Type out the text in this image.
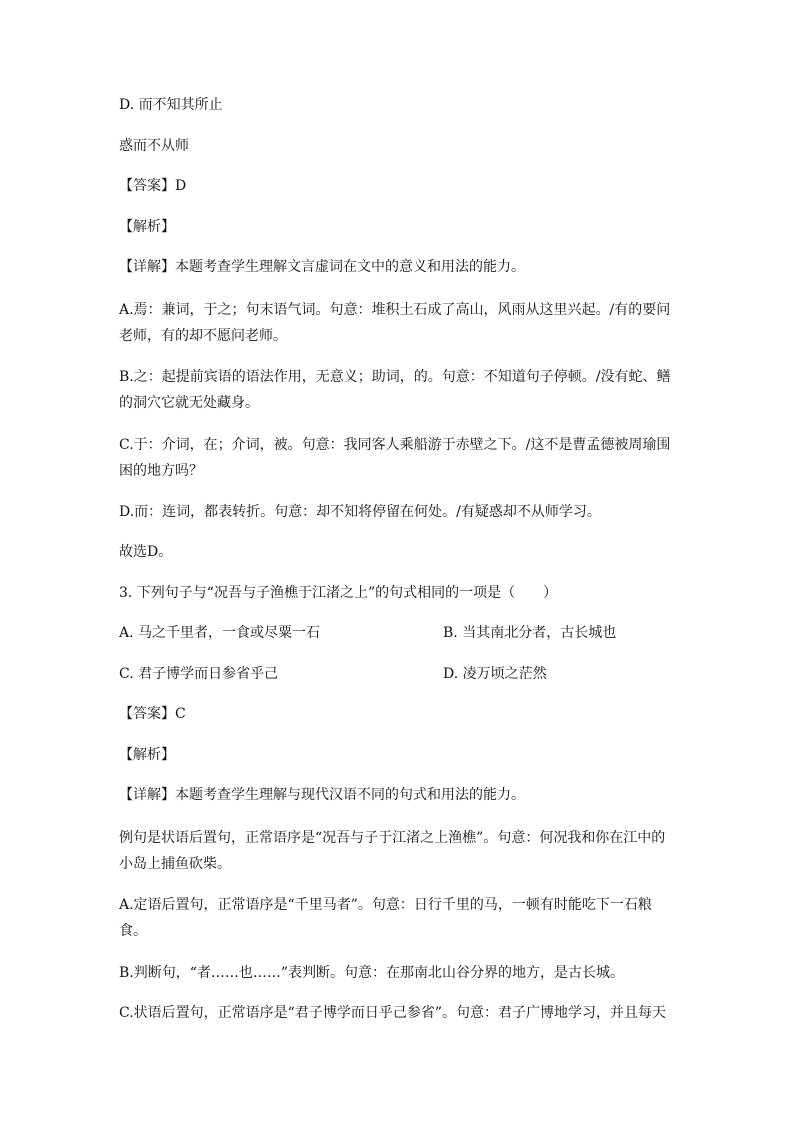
D. 而不知其所止
惑而不从师
【答案】D
【解析】
【详解】本题考查学生理解文言虚词在文中的意义和用法的能力。
A.焉：兼词，于之；句末语气词。句意：堆积土石成了高山，风雨从这里兴起。/有的要问老师，有的却不愿问老师。
B.之：起提前宾语的语法作用，无意义；助词，的。句意：不知道句子停顿。/没有蛇、鳝的洞穴它就无处藏身。
C.于：介词，在；介词，被。句意：我同客人乘船游于赤壁之下。/这不是曹孟德被周瑜围困的地方吗？
D.而：连词，都表转折。句意：却不知将停留在何处。/有疑惑却不从师学习。
故选D。
3. 下列句子与“况吾与子渔樵于江渚之上”的句式相同的一项是（　　）
A. 马之千里者，一食或尽粟一石	B. 当其南北分者，古长城也
C. 君子博学而日参省乎己	D. 凌万顷之茫然
【答案】C
【解析】
【详解】本题考查学生理解与现代汉语不同的句式和用法的能力。
例句是状语后置句，正常语序是“况吾与子于江渚之上渔樵”。句意：何况我和你在江中的小岛上捕鱼砍柴。
A.定语后置句，正常语序是“千里马者”。句意：日行千里的马，一顿有时能吃下一石粮食。
B.判断句，“者……也……”表判断。句意：在那南北山谷分界的地方，是古长城。
C.状语后置句，正常语序是“君子博学而日乎己参省”。句意：君子广博地学习，并且每天
